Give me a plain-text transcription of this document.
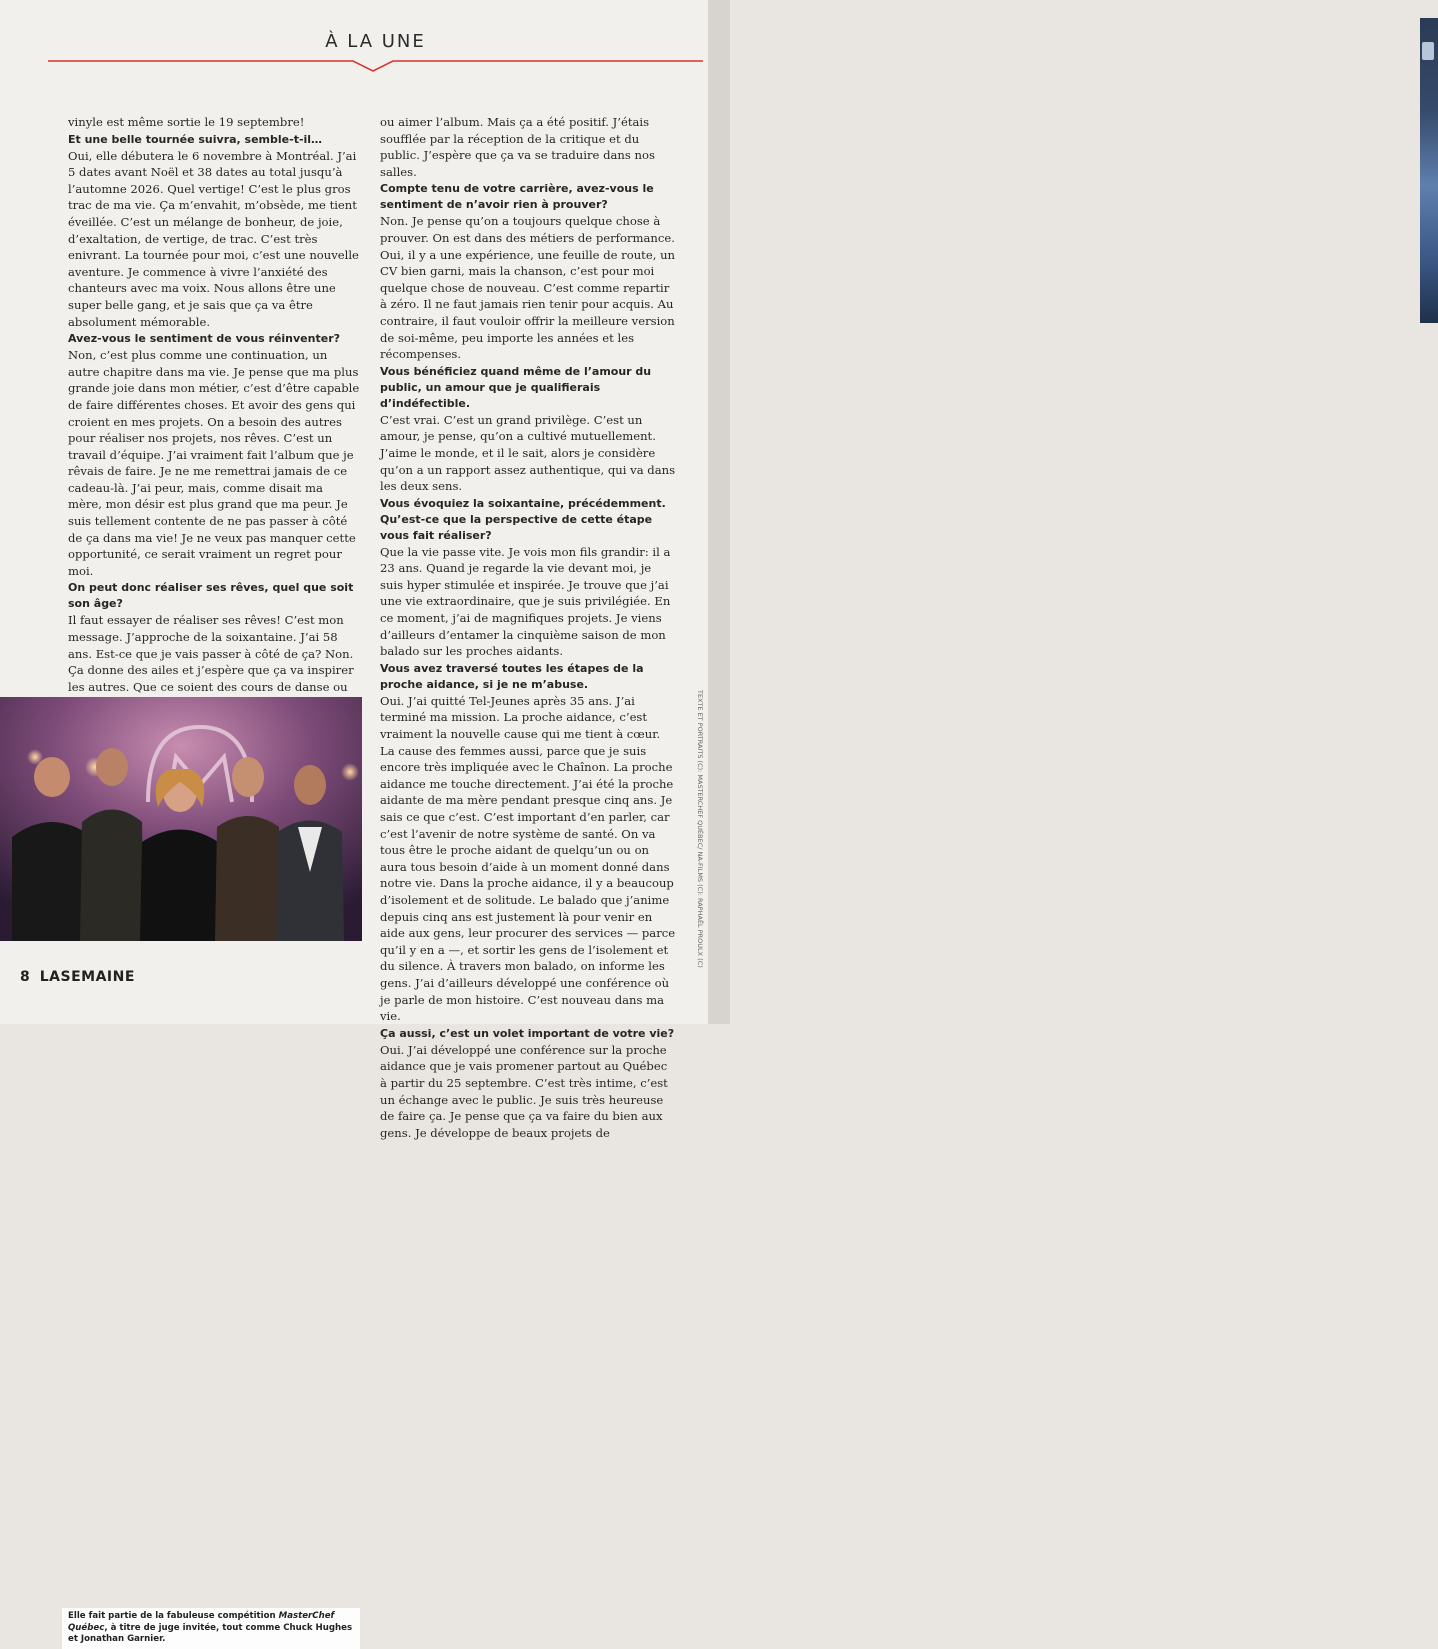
À LA UNE

vinyle est même sortie le 19 septembre!

Et une belle tournée suivra, semble-t-il…

Oui, elle débutera le 6 novembre à Montréal. J’ai 5 dates avant Noël et 38 dates au total jusqu’à l’automne 2026. Quel vertige! C’est le plus gros trac de ma vie. Ça m’envahit, m’obsède, me tient éveillée. C’est un mélange de bonheur, de joie, d’exaltation, de vertige, de trac. C’est très enivrant. La tournée pour moi, c’est une nouvelle aventure. Je commence à vivre l’anxiété des chanteurs avec ma voix. Nous allons être une super belle gang, et je sais que ça va être absolument mémorable.

Avez-vous le sentiment de vous réinventer?

Non, c’est plus comme une continuation, un autre chapitre dans ma vie. Je pense que ma plus grande joie dans mon métier, c’est d’être capable de faire différentes choses. Et avoir des gens qui croient en mes projets. On a besoin des autres pour réaliser nos projets, nos rêves. C’est un travail d’équipe. J’ai vraiment fait l’album que je rêvais de faire. Je ne me remettrai jamais de ce cadeau-là. J’ai peur, mais, comme disait ma mère, mon désir est plus grand que ma peur. Je suis tellement contente de ne pas passer à côté de ça dans ma vie! Je ne veux pas manquer cette opportunité, ce serait vraiment un regret pour moi.

On peut donc réaliser ses rêves, quel que soit son âge?

Il faut essayer de réaliser ses rêves! C’est mon message. J’approche de la soixantaine. J’ai 58 ans. Est-ce que je vais passer à côté de ça? Non. Ça donne des ailes et j’espère que ça va inspirer les autres. Que ce soient des cours de danse ou

Elle fait partie de la fabuleuse compétition MasterChef Québec, à titre de juge invitée, tout comme Chuck Hughes et Jonathan Garnier.

ou aimer l’album. Mais ça a été positif. J’étais soufflée par la réception de la critique et du public. J’espère que ça va se traduire dans nos salles.

Compte tenu de votre carrière, avez-vous le sentiment de n’avoir rien à prouver?

Non. Je pense qu’on a toujours quelque chose à prouver. On est dans des métiers de performance. Oui, il y a une expérience, une feuille de route, un CV bien garni, mais la chanson, c’est pour moi quelque chose de nouveau. C’est comme repartir à zéro. Il ne faut jamais rien tenir pour acquis. Au contraire, il faut vouloir offrir la meilleure version de soi-même, peu importe les années et les récompenses.

Vous bénéficiez quand même de l’amour du public, un amour que je qualifierais d’indéfectible.

C’est vrai. C’est un grand privilège. C’est un amour, je pense, qu’on a cultivé mutuellement. J’aime le monde, et il le sait, alors je considère qu’on a un rapport assez authentique, qui va dans les deux sens.

Vous évoquiez la soixantaine, précédemment. Qu’est-ce que la perspective de cette étape vous fait réaliser?

Que la vie passe vite. Je vois mon fils grandir: il a 23 ans. Quand je regarde la vie devant moi, je suis hyper stimulée et inspirée. Je trouve que j’ai une vie extraordinaire, que je suis privilégiée. En ce moment, j’ai de magnifiques projets. Je viens d’ailleurs d’entamer la cinquième saison de mon balado sur les proches aidants.

Vous avez traversé toutes les étapes de la proche aidance, si je ne m’abuse.

Oui. J’ai quitté Tel-Jeunes après 35 ans. J’ai terminé ma mission. La proche aidance, c’est vraiment la nouvelle cause qui me tient à cœur. La cause des femmes aussi, parce que je suis encore très impliquée avec le Chaînon. La proche aidance me touche directement. J’ai été la proche aidante de ma mère pendant presque cinq ans. Je sais ce que c’est. C’est important d’en parler, car c’est l’avenir de notre système de santé. On va tous être le proche aidant de quelqu’un ou on aura tous besoin d’aide à un moment donné dans notre vie. Dans la proche aidance, il y a beaucoup d’isolement et de solitude. Le balado que j’anime depuis cinq ans est justement là pour venir en aide aux gens, leur procurer des services — parce qu’il y en a —, et sortir les gens de l’isolement et du silence. À travers mon balado, on informe les gens. J’ai d’ailleurs développé une conférence où je parle de mon histoire. C’est nouveau dans ma vie.

Ça aussi, c’est un volet important de votre vie?

Oui. J’ai développé une conférence sur la proche aidance que je vais promener partout au Québec à partir du 25 septembre. C’est très intime, c’est un échange avec le public. Je suis très heureuse de faire ça. Je pense que ça va faire du bien aux gens. Je développe de beaux projets de

TEXTE ET PORTRAITS (C): MASTERCHEF QUÉBEC/ NA-FILMS (C): RAPHAËL PROULX (C)
8 LASEMAINE
